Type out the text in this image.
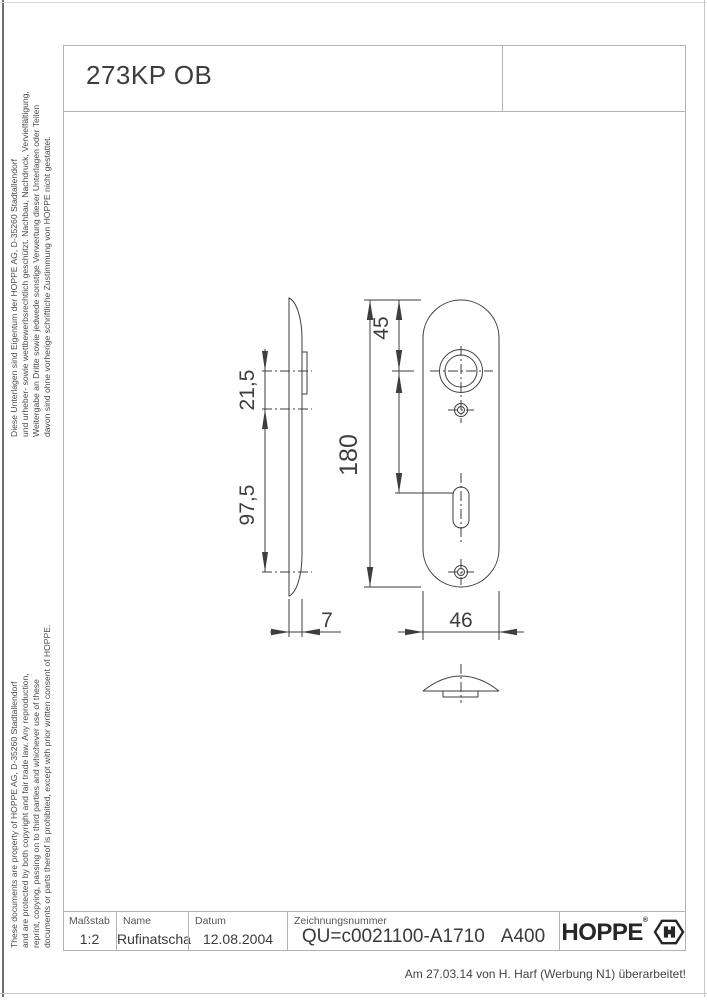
273KP OB
Diese Unterlagen sind Eigentum der HOPPE AG, D-35260 Stadtallendorf und urheber- sowie wettbewerbsrechtlich geschützt. Nachbau, Nachdruck, Vervielfältigung, Weitergabe an Dritte sowie jedwede sonstige Verwertung dieser Unterlagen oder Teilen davon sind ohne vorherige schriftliche Zustimmung von HOPPE nicht gestattet.
These documents are property of HOPPE AG, D-35260 Stadtallendorf and are protected by both copyright and fair trade law. Any reproduction, reprint, copying, passing on to third parties and whichever use of these documents or parts thereof is prohibited, except with prior written consent of HOPPE.
21,5
97,5
7
180
45
46
Maßstab
1:2
Name
Rufinatscha
Datum
12.08.2004
Zeichnungsnummer
QU=c0021100-A1710 A400 HOPPE®
Am 27.03.14 von H. Harf (Werbung N1) überarbeitet!
